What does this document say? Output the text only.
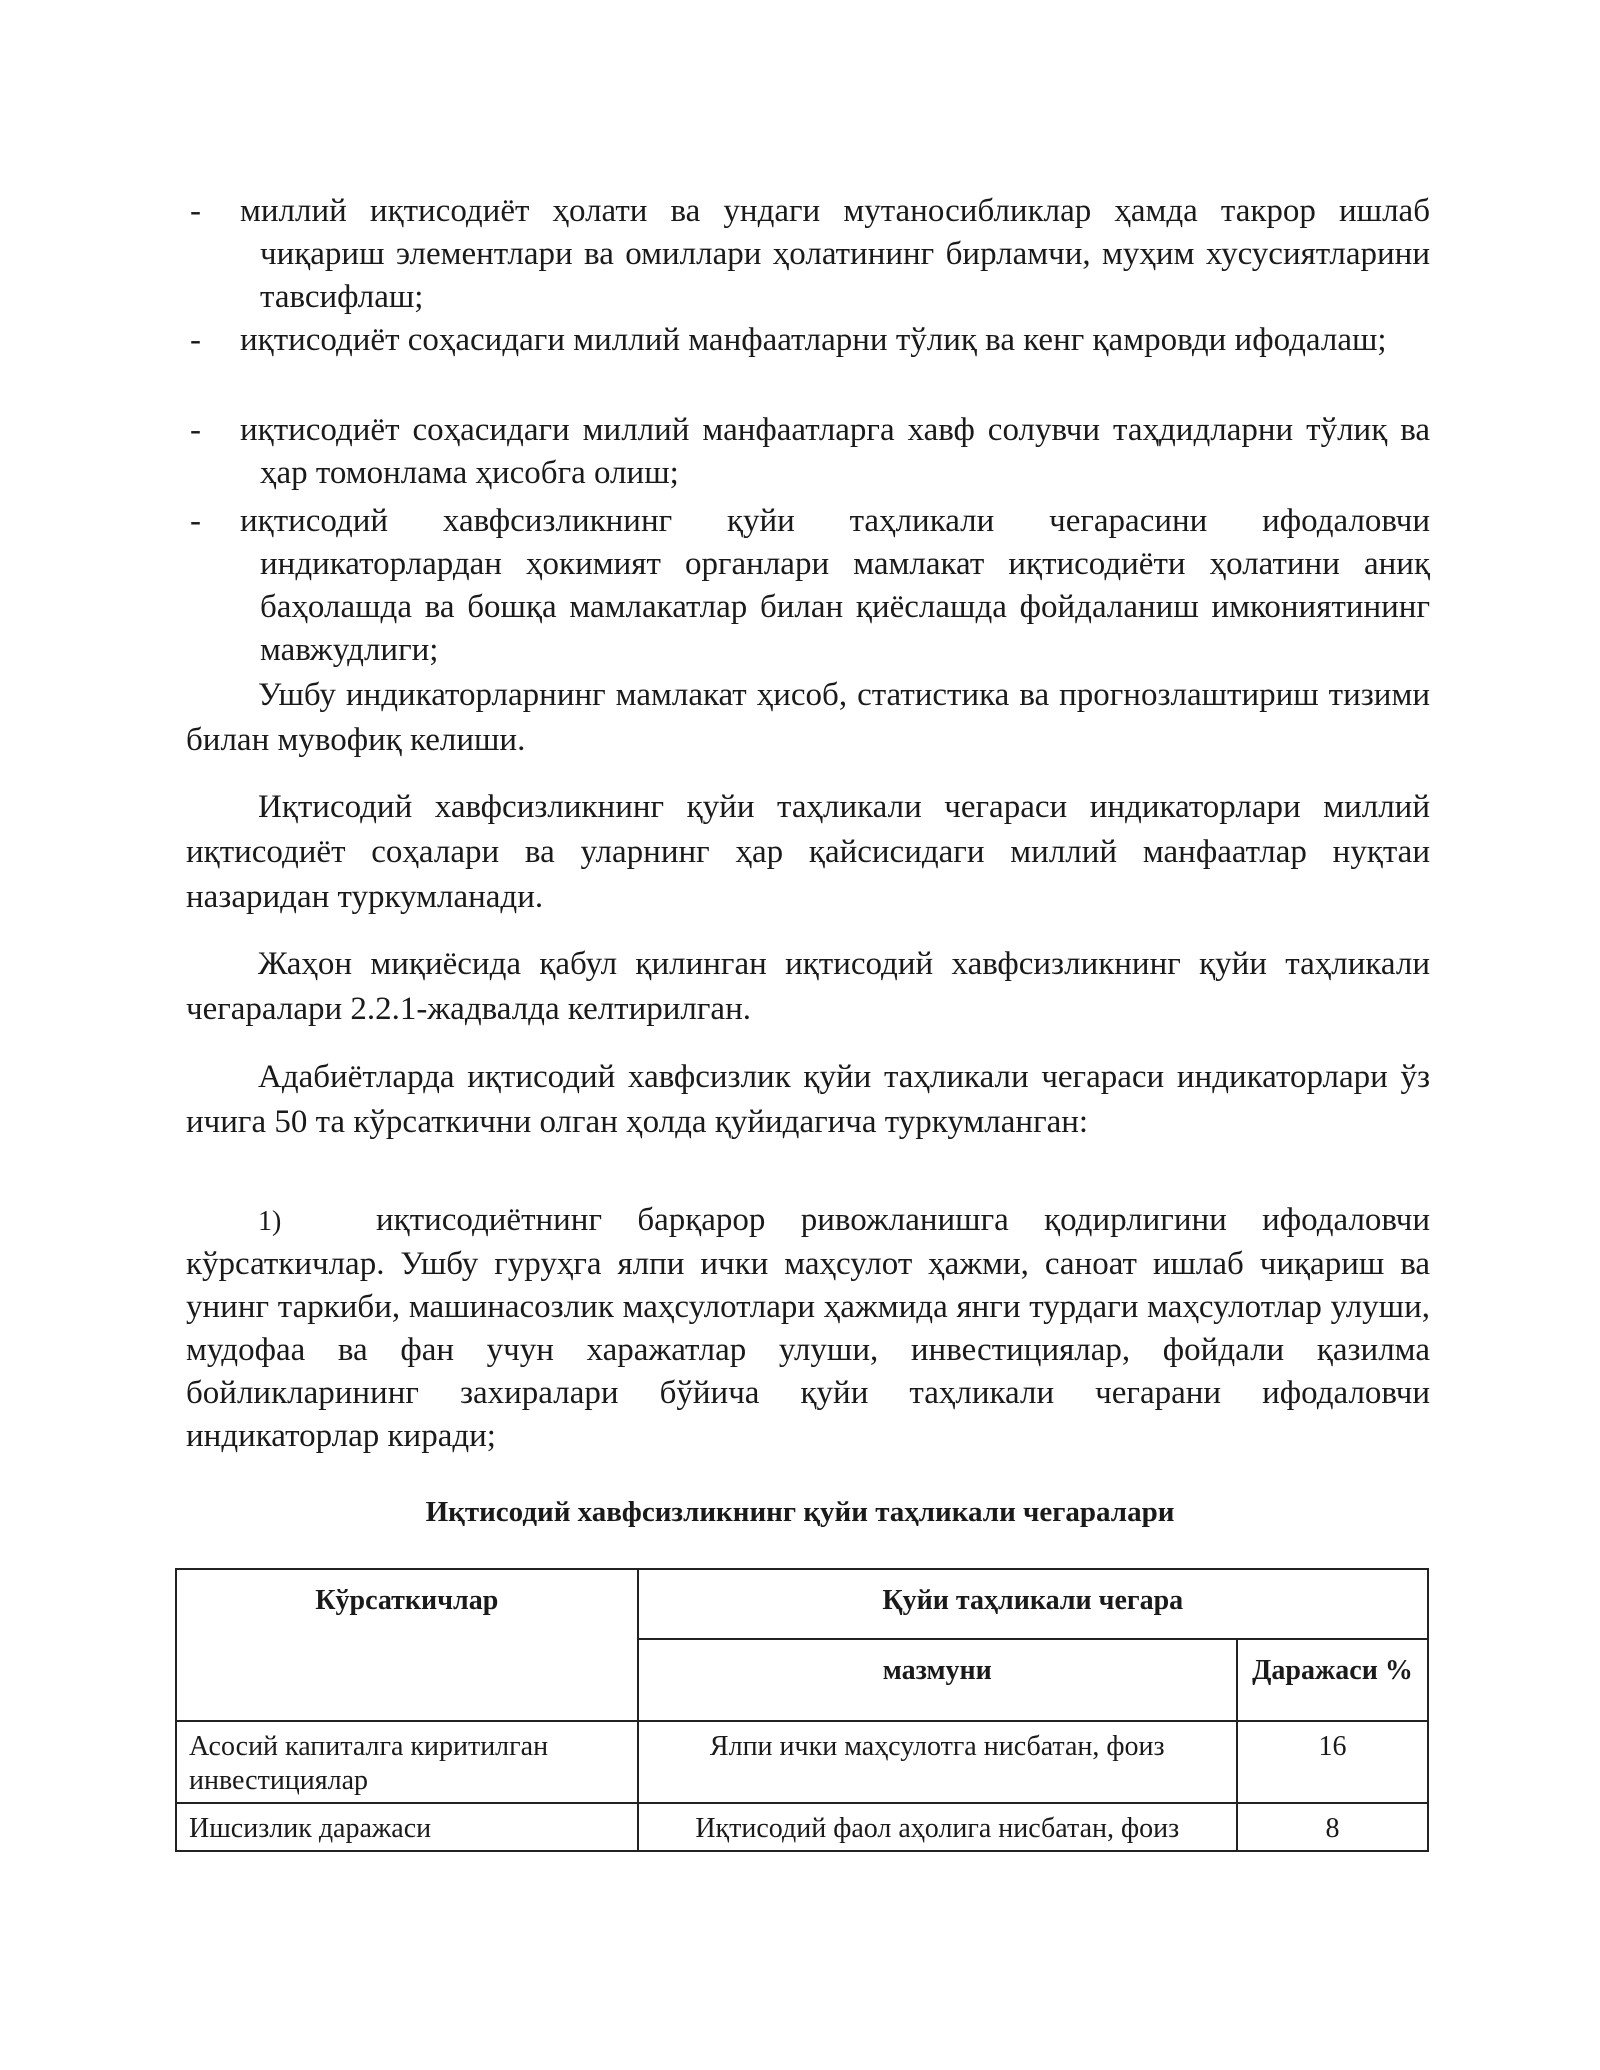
- миллий иқтисодиёт ҳолати ва ундаги мутаносибликлар ҳамда такрор ишлаб чиқариш элементлари ва омиллари ҳолатининг бирламчи, муҳим хусусиятларини тавсифлаш;

- иқтисодиёт соҳасидаги миллий манфаатларни тўлиқ ва кенг қамровди ифодалаш;

- иқтисодиёт соҳасидаги миллий манфаатларга хавф солувчи таҳдидларни тўлиқ ва ҳар томонлама ҳисобга олиш;

- иқтисодий хавфсизликнинг қуйи таҳликали чегарасини ифодаловчи индикаторлардан ҳокимият органлари мамлакат иқтисодиёти ҳолатини аниқ баҳолашда ва бошқа мамлакатлар билан қиёслашда фойдаланиш имкониятининг мавжудлиги;

Ушбу индикаторларнинг мамлакат ҳисоб, статистика ва прогнозлаштириш тизими билан мувофиқ келиши.

Иқтисодий хавфсизликнинг қуйи таҳликали чегараси индикаторлари миллий иқтисодиёт соҳалари ва уларнинг ҳар қайсисидаги миллий манфаатлар нуқтаи назаридан туркумланади.

Жаҳон миқиёсида қабул қилинган иқтисодий хавфсизликнинг қуйи таҳликали чегаралари 2.2.1-жадвалда келтирилган.

Адабиётларда иқтисодий хавфсизлик қуйи таҳликали чегараси индикаторлари ўз ичига 50 та кўрсаткични олган ҳолда қуйидагича туркумланган:

1)	иқтисодиётнинг барқарор ривожланишга қодирлигини ифодаловчи кўрсаткичлар. Ушбу гуруҳга ялпи ички маҳсулот ҳажми, саноат ишлаб чиқариш ва унинг таркиби, машинасозлик маҳсулотлари ҳажмида янги турдаги маҳсулотлар улуши, мудофаа ва фан учун харажатлар улуши, инвестициялар, фойдали қазилма бойликларининг захиралари бўйича қуйи таҳликали чегарани ифодаловчи индикаторлар киради;

Иқтисодий хавфсизликнинг қуйи таҳликали чегаралари

Кўрсаткичлар	Қуйи таҳликали чегара	
	мазмуни	Даражаси %
Асосий капиталга киритилган инвестициялар	Ялпи ички маҳсулотга нисбатан, фоиз	16
Ишсизлик даражаси	Иқтисодий фаол аҳолига нисбатан, фоиз	8
